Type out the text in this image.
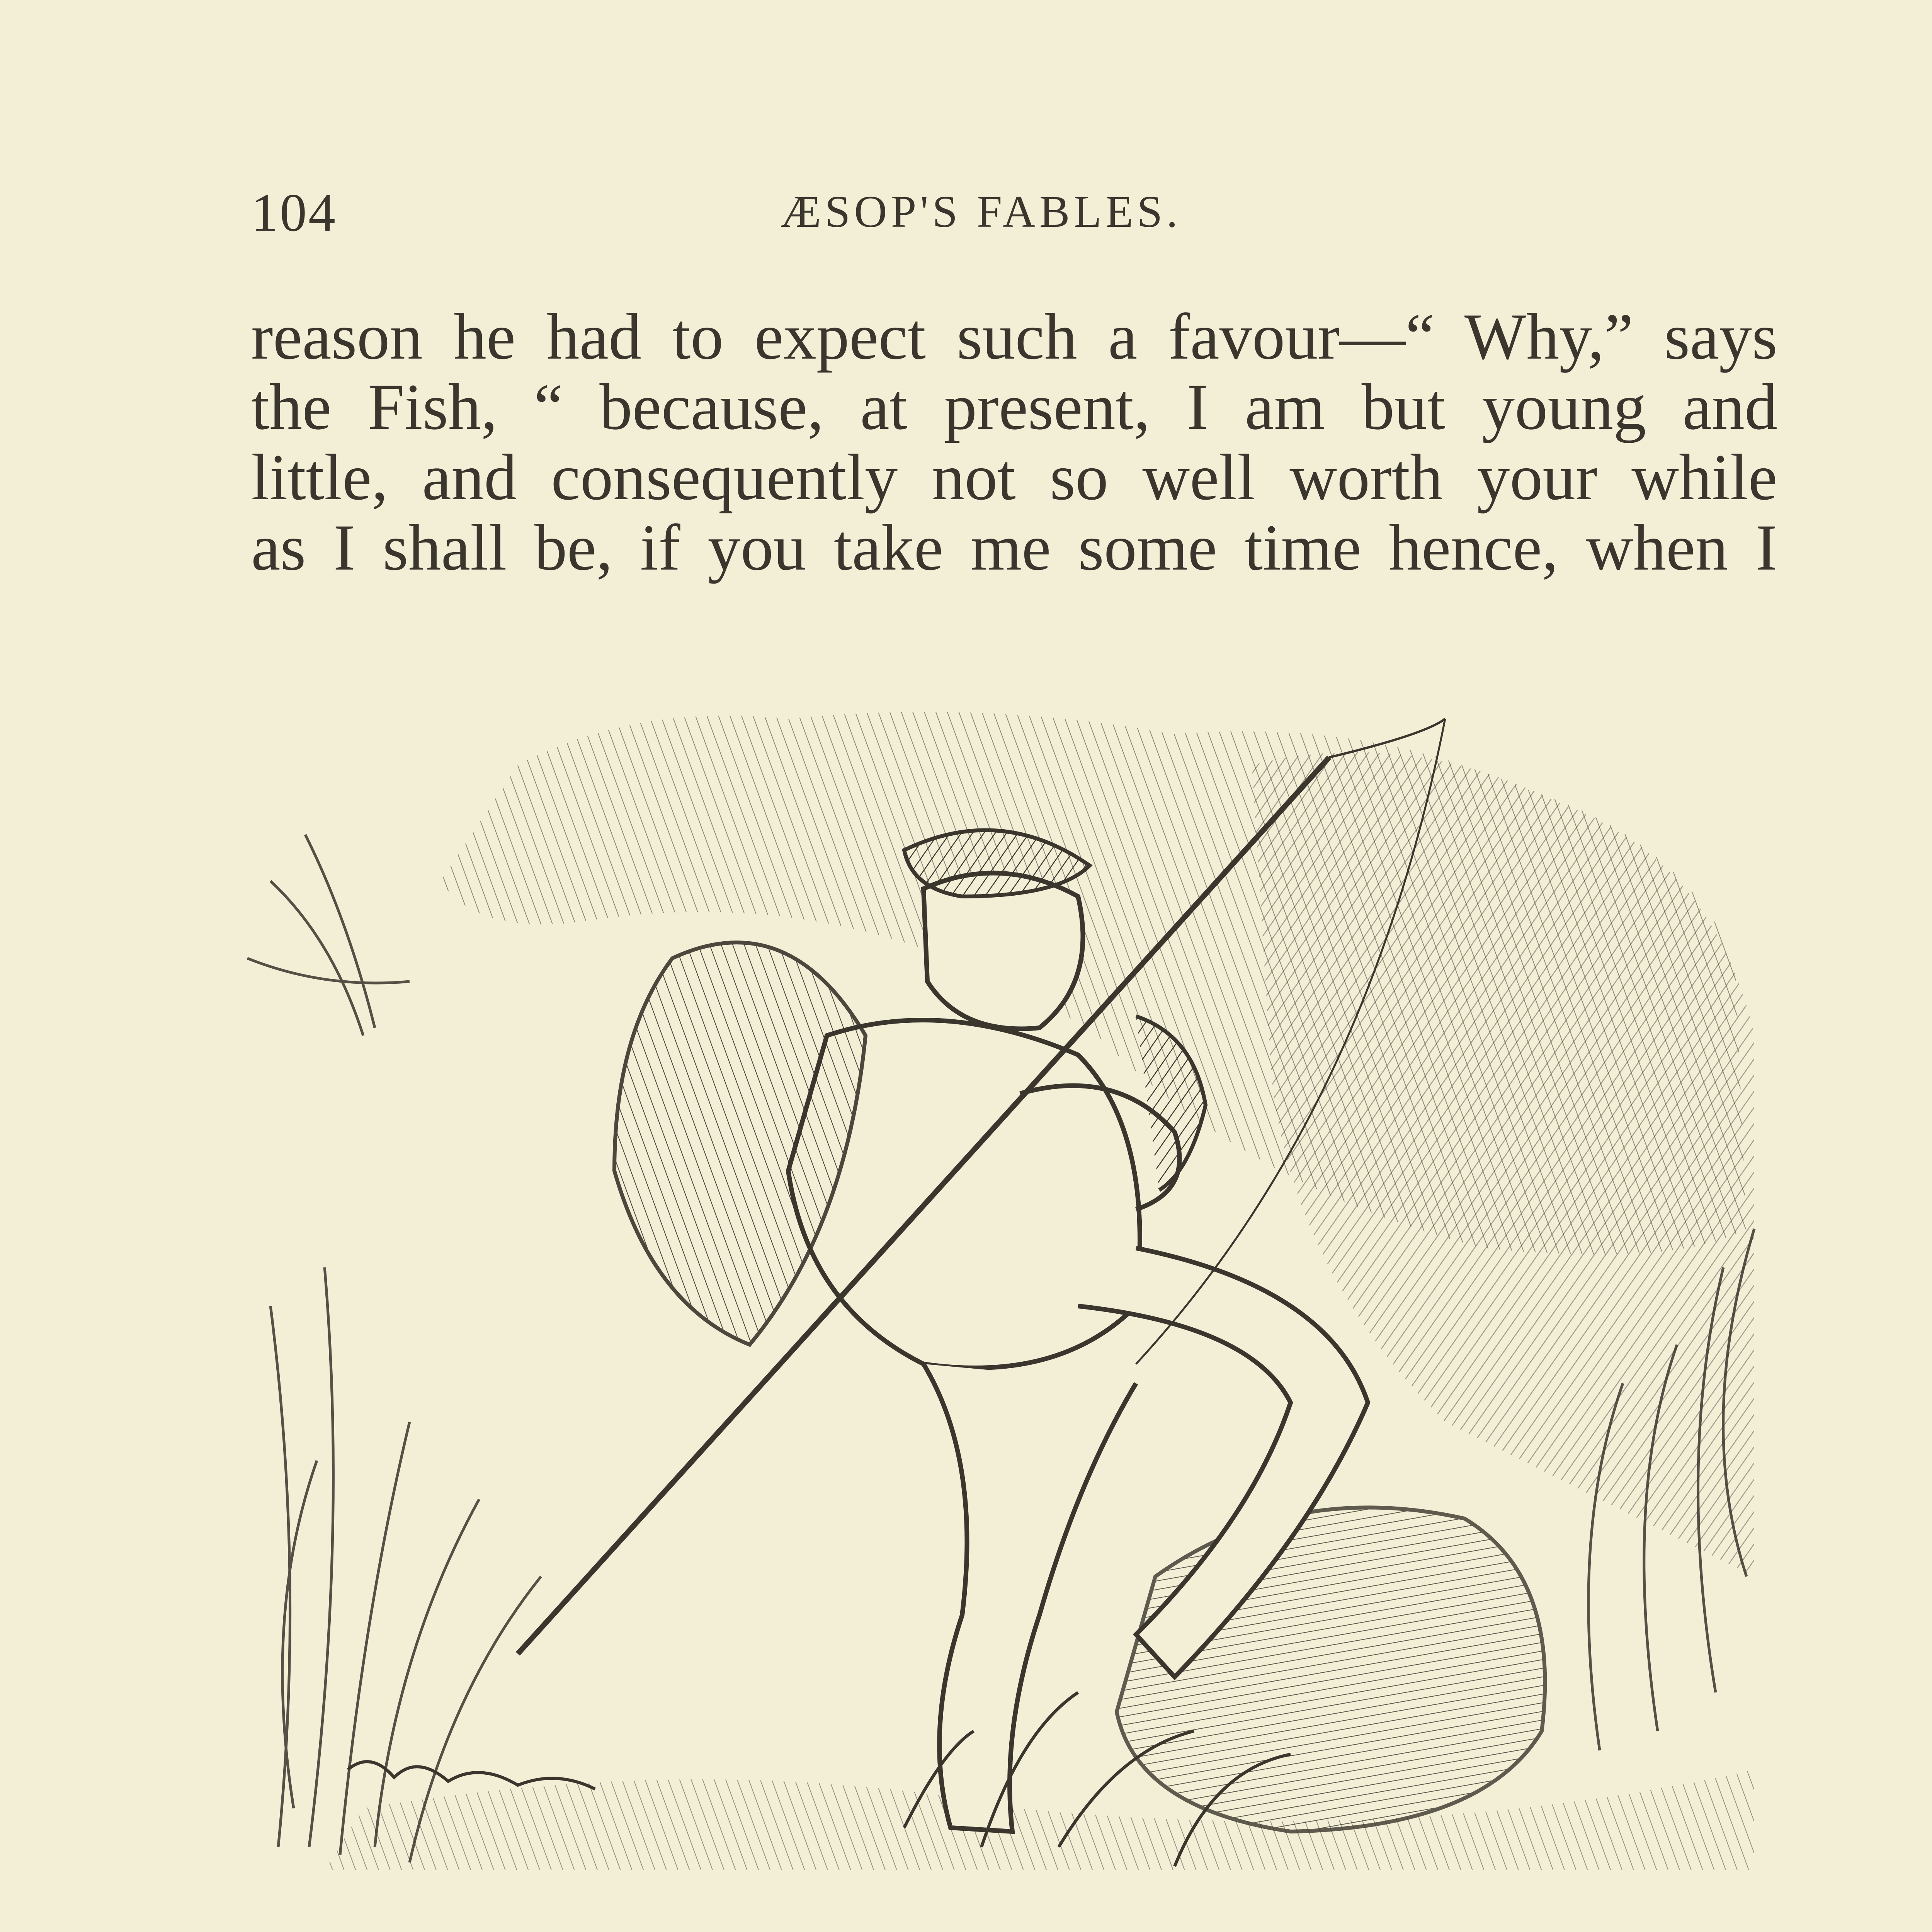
104	ÆSOP'S FABLES.
reason he had to expect such a favour—“ Why,” says
the Fish, “ because, at present, I am but young and
little, and consequently not so well worth your while
as I shall be, if you take me some time hence, when I
